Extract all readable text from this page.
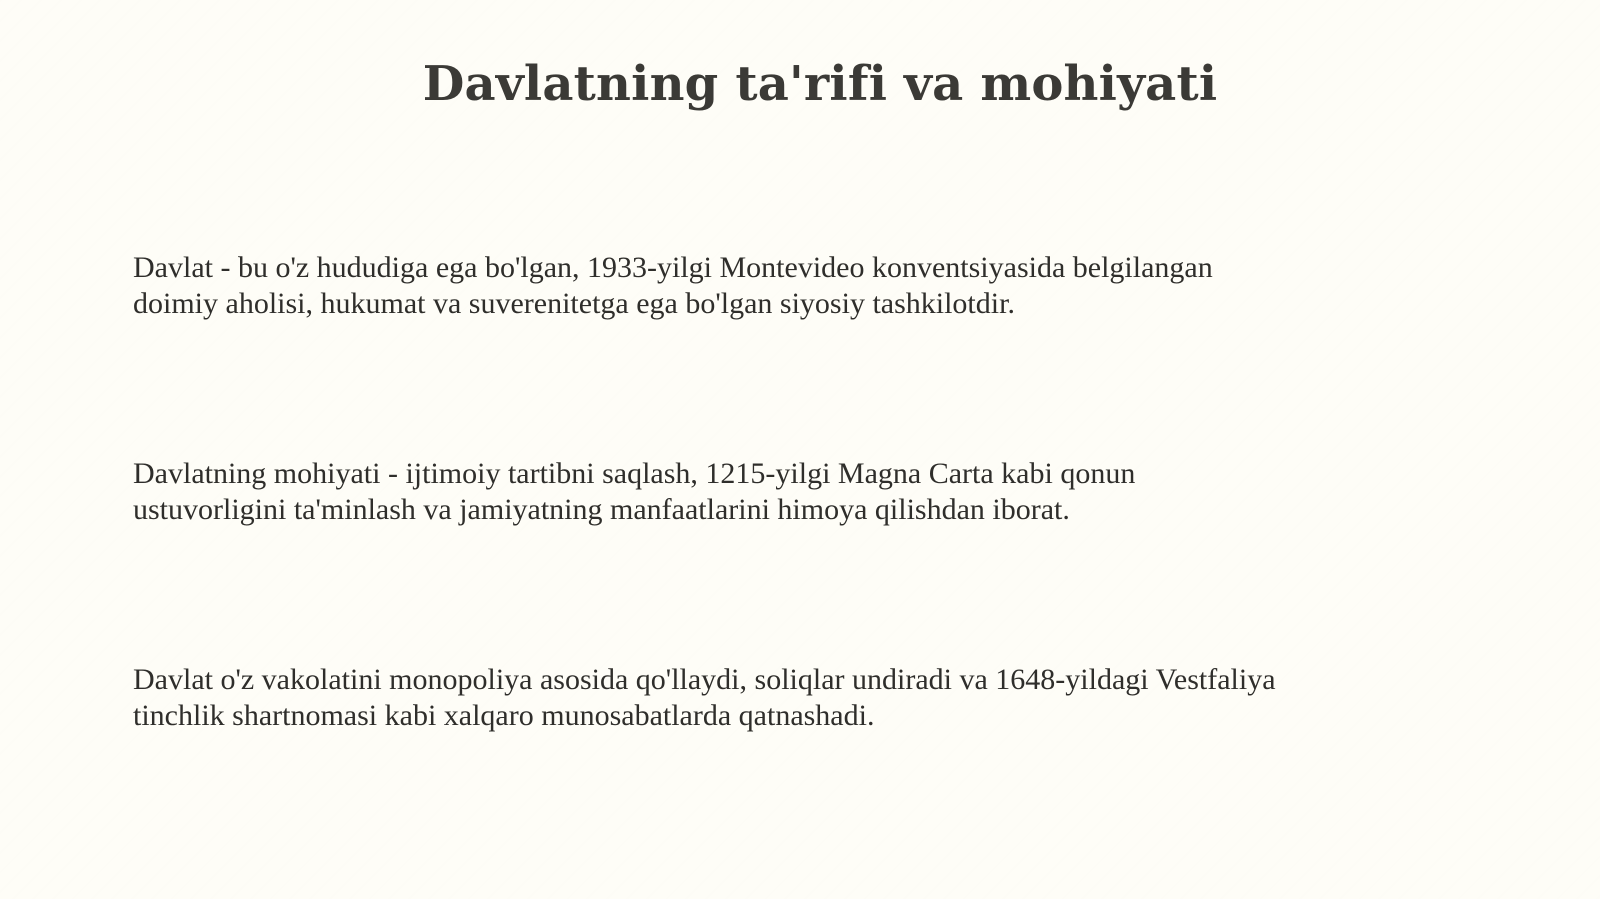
Davlatning ta'rifi va mohiyati

Davlat - bu o'z hududiga ega bo'lgan, 1933-yilgi Montevideo konventsiyasida belgilangan
doimiy aholisi, hukumat va suverenitetga ega bo'lgan siyosiy tashkilotdir.

Davlatning mohiyati - ijtimoiy tartibni saqlash, 1215-yilgi Magna Carta kabi qonun
ustuvorligini ta'minlash va jamiyatning manfaatlarini himoya qilishdan iborat.

Davlat o'z vakolatini monopoliya asosida qo'llaydi, soliqlar undiradi va 1648-yildagi Vestfaliya
tinchlik shartnomasi kabi xalqaro munosabatlarda qatnashadi.
